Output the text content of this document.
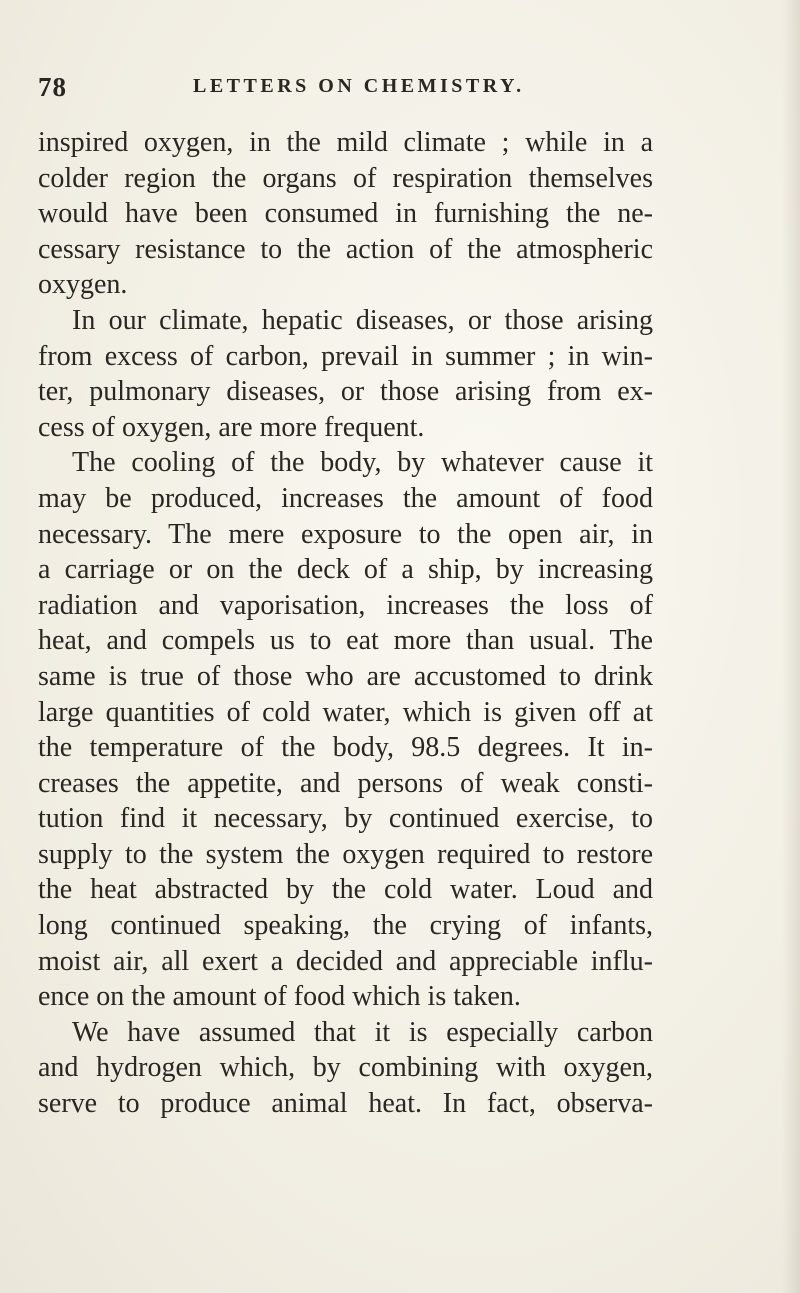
78	LETTERS ON CHEMISTRY.
inspired oxygen, in the mild climate ; while in a
colder region the organs of respiration themselves
would have been consumed in furnishing the ne-
cessary resistance to the action of the atmospheric
oxygen.
In our climate, hepatic diseases, or those arising
from excess of carbon, prevail in summer ; in win-
ter, pulmonary diseases, or those arising from ex-
cess of oxygen, are more frequent.
The cooling of the body, by whatever cause it
may be produced, increases the amount of food
necessary. The mere exposure to the open air, in
a carriage or on the deck of a ship, by increasing
radiation and vaporisation, increases the loss of
heat, and compels us to eat more than usual. The
same is true of those who are accustomed to drink
large quantities of cold water, which is given off at
the temperature of the body, 98.5 degrees. It in-
creases the appetite, and persons of weak consti-
tution find it necessary, by continued exercise, to
supply to the system the oxygen required to restore
the heat abstracted by the cold water. Loud and
long continued speaking, the crying of infants,
moist air, all exert a decided and appreciable influ-
ence on the amount of food which is taken.
We have assumed that it is especially carbon
and hydrogen which, by combining with oxygen,
serve to produce animal heat. In fact, observa-
